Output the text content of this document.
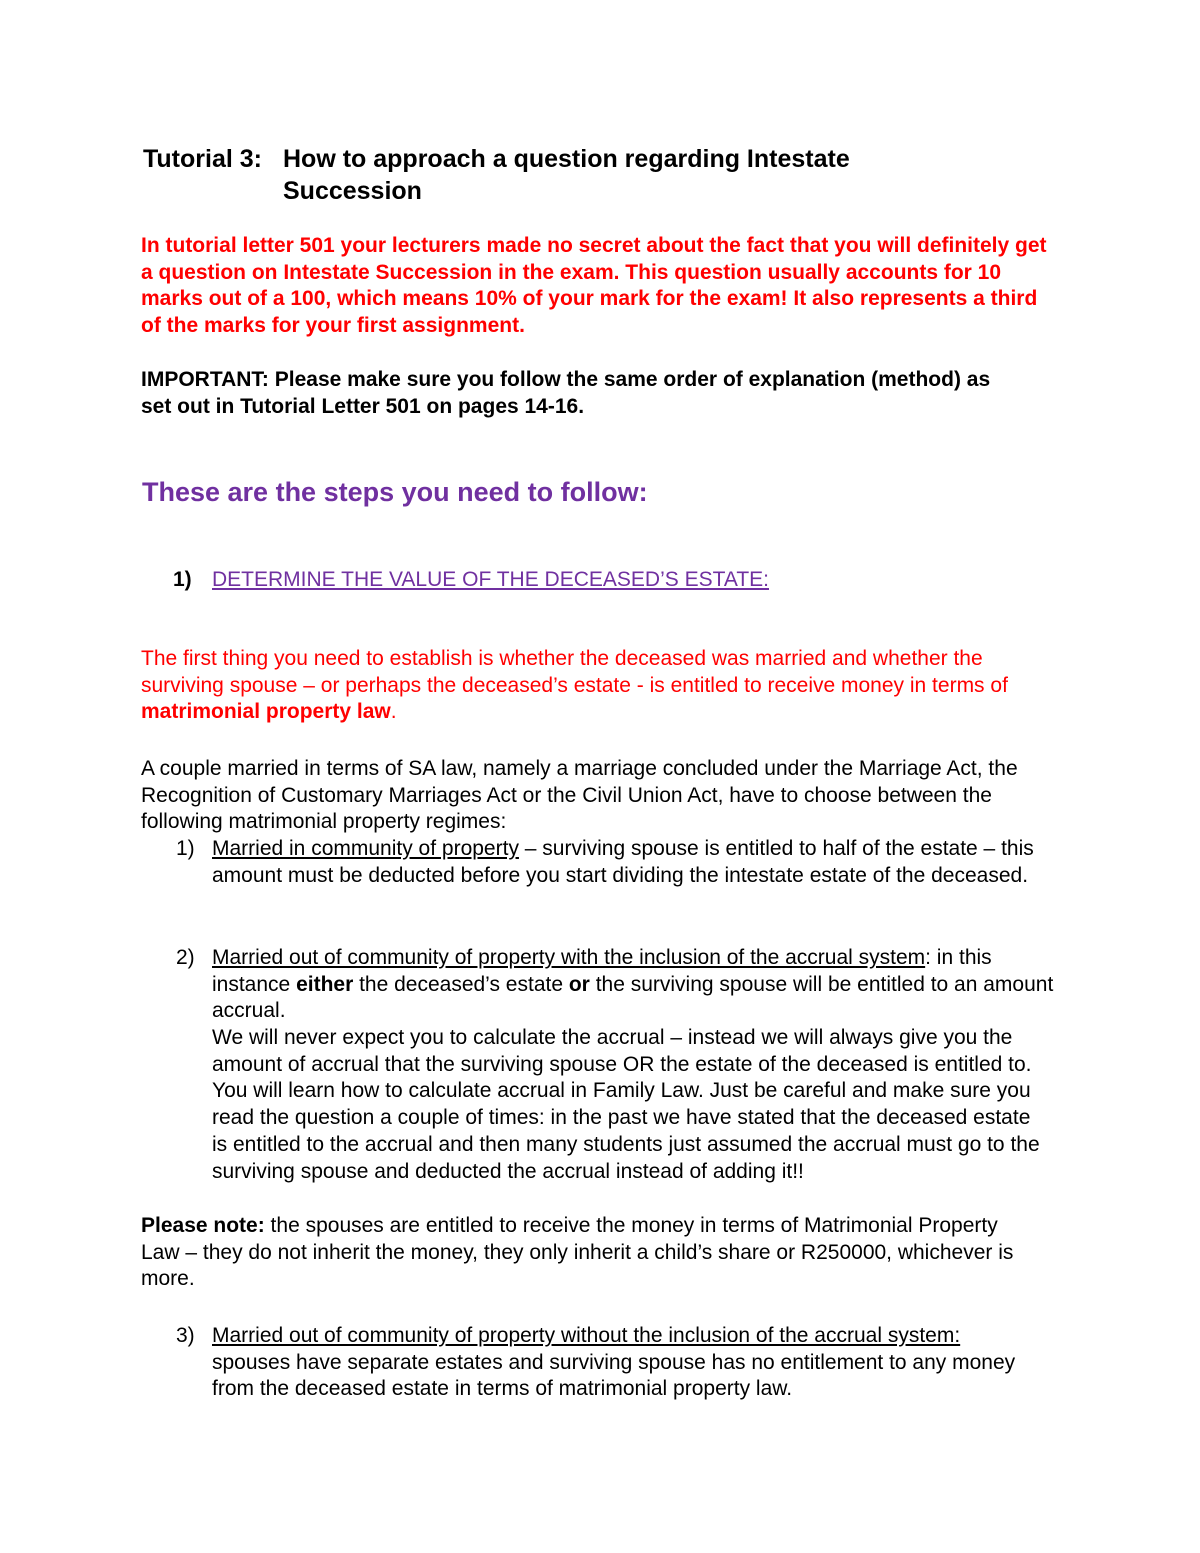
Tutorial 3: How to approach a question regarding Intestate
Succession

In tutorial letter 501 your lecturers made no secret about the fact that you will definitely get a question on Intestate Succession in the exam. This question usually accounts for 10 marks out of a 100, which means 10% of your mark for the exam! It also represents a third of the marks for your first assignment.

IMPORTANT: Please make sure you follow the same order of explanation (method) as set out in Tutorial Letter 501 on pages 14-16.

These are the steps you need to follow:
1) DETERMINE THE VALUE OF THE DECEASED’S ESTATE:

The first thing you need to establish is whether the deceased was married and whether the surviving spouse – or perhaps the deceased’s estate - is entitled to receive money in terms of matrimonial property law.

A couple married in terms of SA law, namely a marriage concluded under the Marriage Act, the Recognition of Customary Marriages Act or the Civil Union Act, have to choose between the following matrimonial property regimes:

1) Married in community of property – surviving spouse is entitled to half of the estate – this amount must be deducted before you start dividing the intestate estate of the deceased.

2) Married out of community of property with the inclusion of the accrual system: in this instance either the deceased’s estate or the surviving spouse will be entitled to an amount accrual.

We will never expect you to calculate the accrual – instead we will always give you the amount of accrual that the surviving spouse OR the estate of the deceased is entitled to. You will learn how to calculate accrual in Family Law. Just be careful and make sure you read the question a couple of times: in the past we have stated that the deceased estate is entitled to the accrual and then many students just assumed the accrual must go to the surviving spouse and deducted the accrual instead of adding it!!

Please note: the spouses are entitled to receive the money in terms of Matrimonial Property Law – they do not inherit the money, they only inherit a child’s share or R250000, whichever is more.

3) Married out of community of property without the inclusion of the accrual system:
spouses have separate estates and surviving spouse has no entitlement to any money from the deceased estate in terms of matrimonial property law.
